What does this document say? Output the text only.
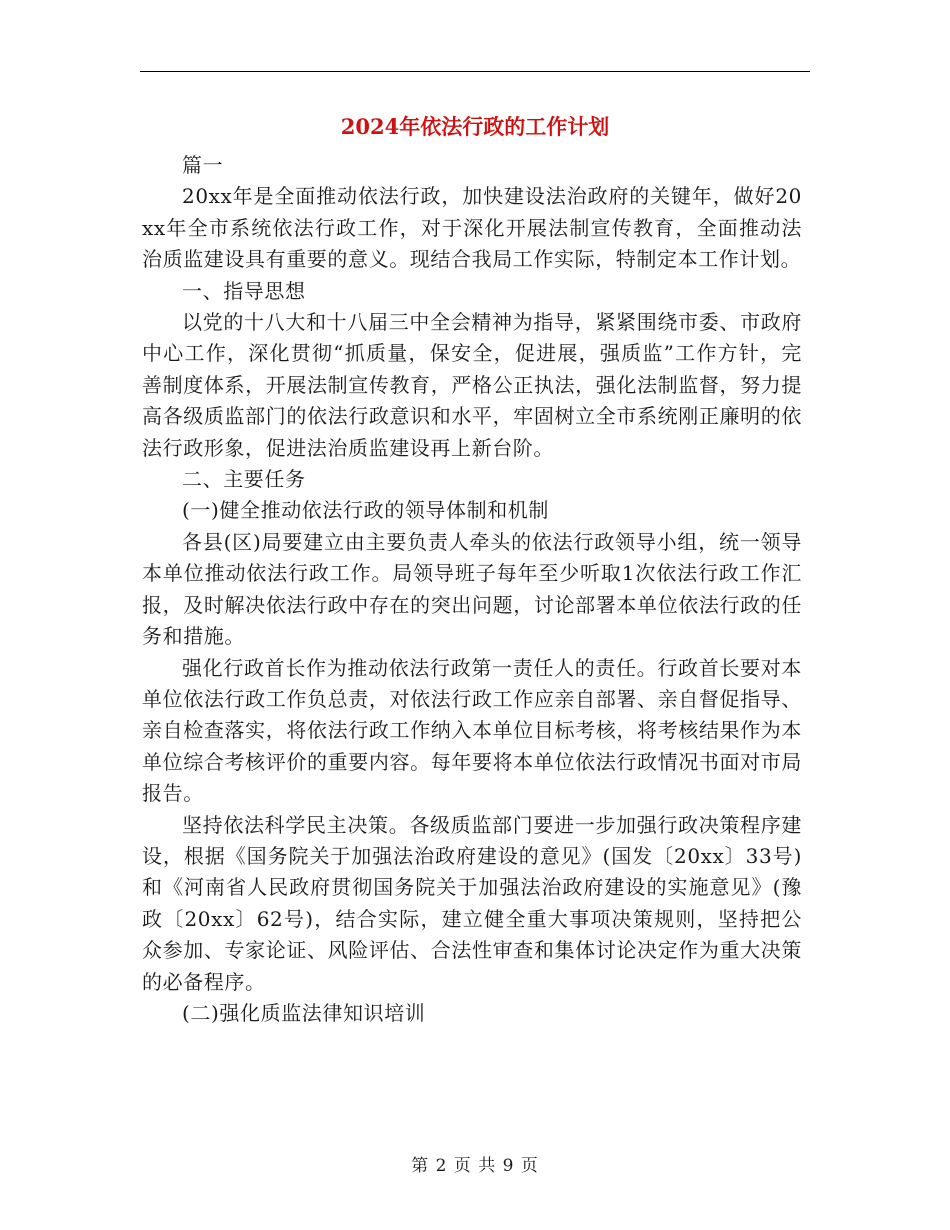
2024年依法行政的工作计划

篇一

20xx年是全面推动依法行政，加快建设法治政府的关键年，做好20xx年全市系统依法行政工作，对于深化开展法制宣传教育，全面推动法治质监建设具有重要的意义。现结合我局工作实际，特制定本工作计划。

一、指导思想

以党的十八大和十八届三中全会精神为指导，紧紧围绕市委、市政府中心工作，深化贯彻“抓质量，保安全，促进展，强质监”工作方针，完善制度体系，开展法制宣传教育，严格公正执法，强化法制监督，努力提高各级质监部门的依法行政意识和水平，牢固树立全市系统刚正廉明的依法行政形象，促进法治质监建设再上新台阶。

二、主要任务

(一)健全推动依法行政的领导体制和机制

各县(区)局要建立由主要负责人牵头的依法行政领导小组，统一领导本单位推动依法行政工作。局领导班子每年至少听取1次依法行政工作汇报，及时解决依法行政中存在的突出问题，讨论部署本单位依法行政的任务和措施。

强化行政首长作为推动依法行政第一责任人的责任。行政首长要对本单位依法行政工作负总责，对依法行政工作应亲自部署、亲自督促指导、亲自检查落实，将依法行政工作纳入本单位目标考核，将考核结果作为本单位综合考核评价的重要内容。每年要将本单位依法行政情况书面对市局报告。

坚持依法科学民主决策。各级质监部门要进一步加强行政决策程序建设，根据《国务院关于加强法治政府建设的意见》(国发〔20xx〕33号)和《河南省人民政府贯彻国务院关于加强法治政府建设的实施意见》(豫政〔20xx〕62号)，结合实际，建立健全重大事项决策规则，坚持把公众参加、专家论证、风险评估、合法性审查和集体讨论决定作为重大决策的必备程序。

(二)强化质监法律知识培训

第 2 页 共 9 页
